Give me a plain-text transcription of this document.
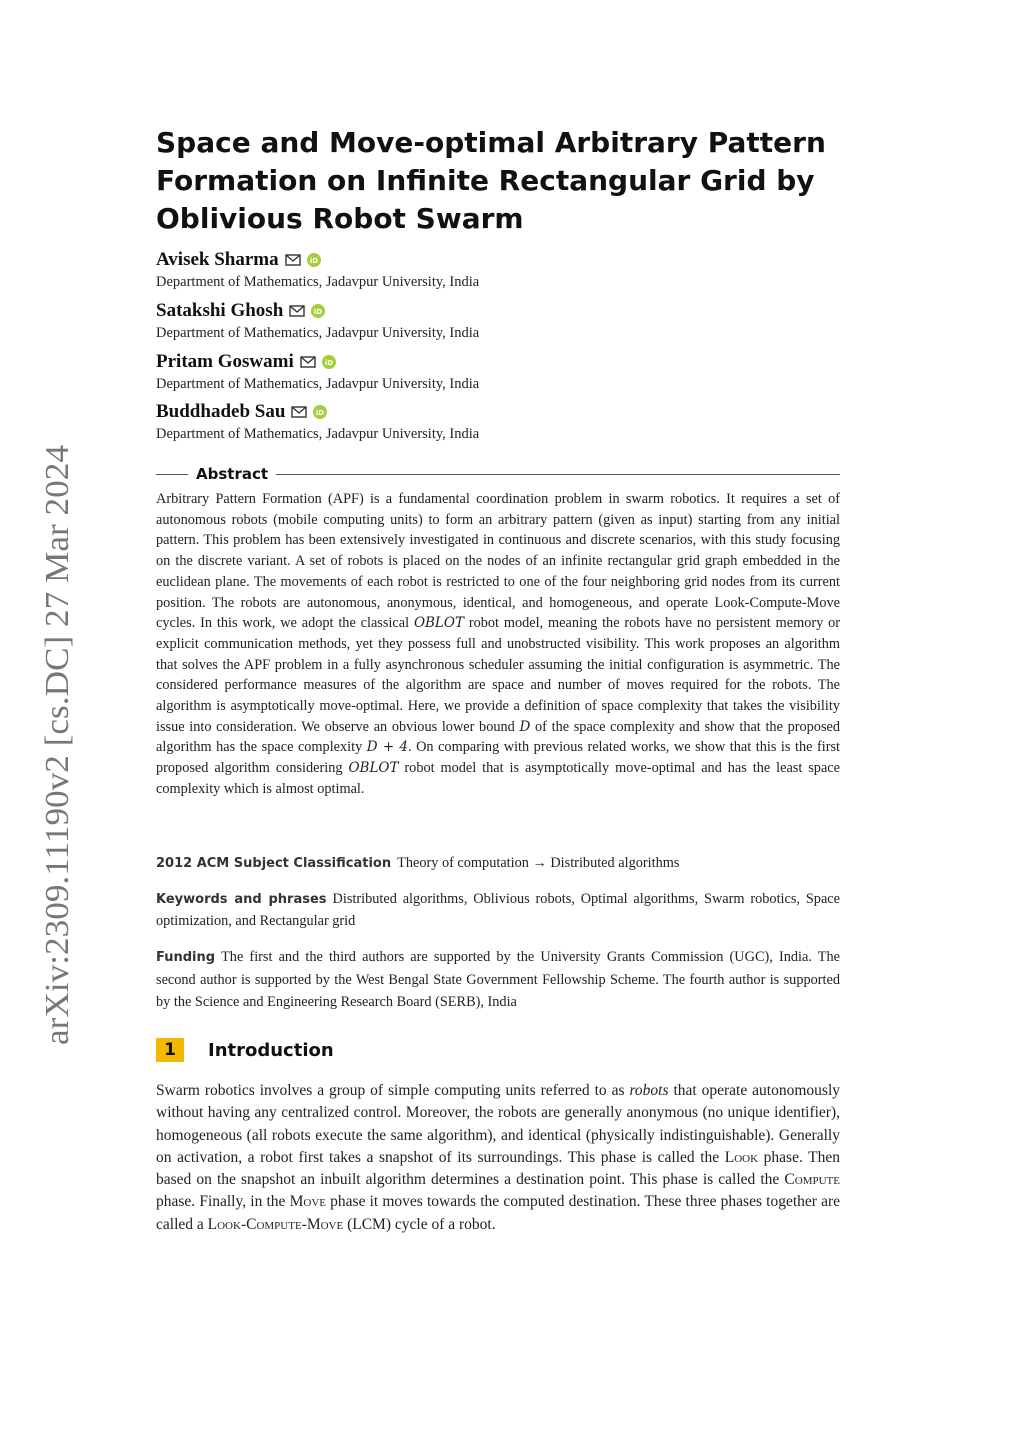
arXiv:2309.11190v2 [cs.DC] 27 Mar 2024
Space and Move-optimal Arbitrary Pattern Formation on Infinite Rectangular Grid by Oblivious Robot Swarm
Avisek Sharma	iD
Department of Mathematics, Jadavpur University, India
Satakshi Ghosh	iD
Department of Mathematics, Jadavpur University, India
Pritam Goswami	iD
Department of Mathematics, Jadavpur University, India
Buddhadeb Sau	iD
Department of Mathematics, Jadavpur University, India
Abstract

Arbitrary Pattern Formation (APF) is a fundamental coordination problem in swarm robotics. It requires a set of autonomous robots (mobile computing units) to form an arbitrary pattern (given as input) starting from any initial pattern. This problem has been extensively investigated in continuous and discrete scenarios, with this study focusing on the discrete variant. A set of robots is placed on the nodes of an infinite rectangular grid graph embedded in the euclidean plane. The movements of each robot is restricted to one of the four neighboring grid nodes from its current position. The robots are autonomous, anonymous, identical, and homogeneous, and operate Look-Compute-Move cycles. In this work, we adopt the classical OBLOT robot model, meaning the robots have no persistent memory or explicit communication methods, yet they possess full and unobstructed visibility. This work proposes an algorithm that solves the APF problem in a fully asynchronous scheduler assuming the initial configuration is asymmetric. The considered performance measures of the algorithm are space and number of moves required for the robots. The algorithm is asymptotically move-optimal. Here, we provide a definition of space complexity that takes the visibility issue into consideration. We observe an obvious lower bound D of the space complexity and show that the proposed algorithm has the space complexity D + 4. On comparing with previous related works, we show that this is the first proposed algorithm considering OBLOT robot model that is asymptotically move-optimal and has the least space complexity which is almost optimal.

2012 ACM Subject Classification Theory of computation → Distributed algorithms

Keywords and phrases Distributed algorithms, Oblivious robots, Optimal algorithms, Swarm robotics, Space optimization, and Rectangular grid

Funding The first and the third authors are supported by the University Grants Commission (UGC), India. The second author is supported by the West Bengal State Government Fellowship Scheme. The fourth author is supported by the Science and Engineering Research Board (SERB), India

1	Introduction

Swarm robotics involves a group of simple computing units referred to as robots that operate autonomously without having any centralized control. Moreover, the robots are generally anonymous (no unique identifier), homogeneous (all robots execute the same algorithm), and identical (physically indistinguishable). Generally on activation, a robot first takes a snapshot of its surroundings. This phase is called the Look phase. Then based on the snapshot an inbuilt algorithm determines a destination point. This phase is called the Compute phase. Finally, in the Move phase it moves towards the computed destination. These three phases together are called a Look-Compute-Move (LCM) cycle of a robot.
